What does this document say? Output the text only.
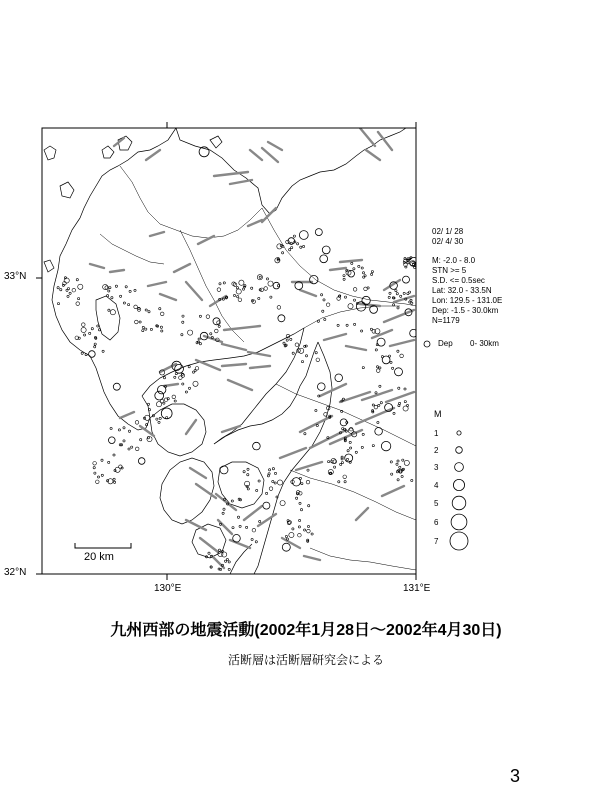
33°N
32°N
130°E	131°E
20 km
02/ 1/ 28
02/ 4/ 30
M: -2.0 - 8.0
STN >= 5
S.D. <= 0.5sec
Lat: 32.0 - 33.5N
Lon: 129.5 - 131.0E
Dep: -1.5 - 30.0km
N=1179
Dep 0- 30km
M
1
2
3
4
5
6
7
九州西部の地震活動(2002年1月28日～2002年4月30日)
活断層は活断層研究会による
3
